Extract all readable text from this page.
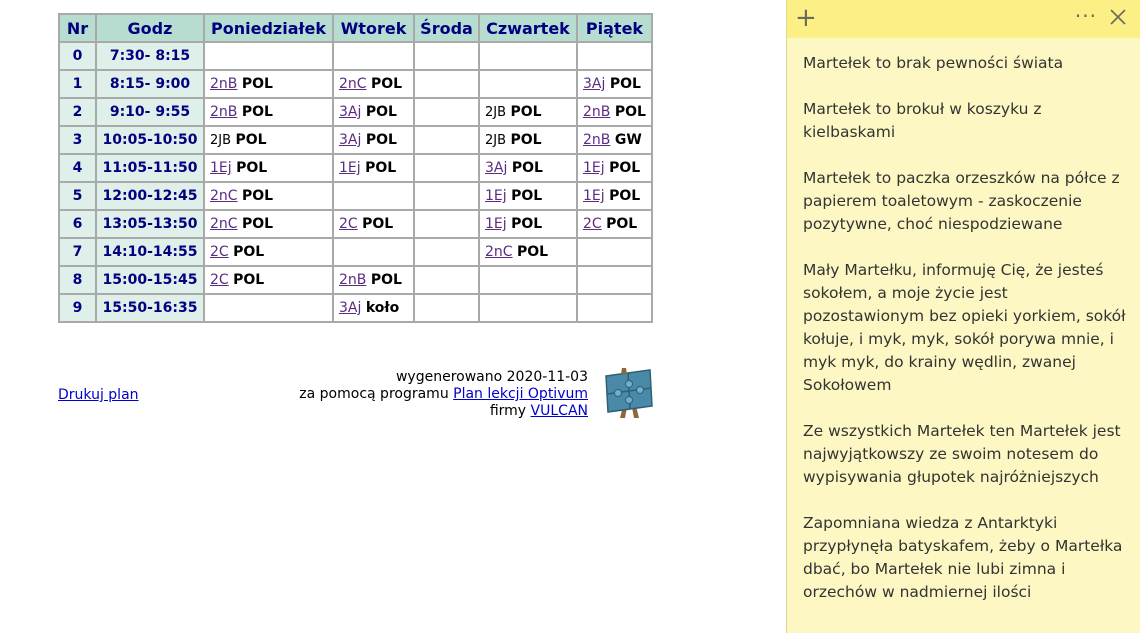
Nr	Godz	Poniedziałek	Wtorek	Środa	Czwartek	Piątek
0	7:30- 8:15					
1	8:15- 9:00	2nB POL	2nC POL			3Aj POL
2	9:10- 9:55	2nB POL	3Aj POL		2JB POL	2nB POL
3	10:05-10:50	2JB POL	3Aj POL		2JB POL	2nB GW
4	11:05-11:50	1Ej POL	1Ej POL		3Aj POL	1Ej POL
5	12:00-12:45	2nC POL			1Ej POL	1Ej POL
6	13:05-13:50	2nC POL	2C POL		1Ej POL	2C POL
7	14:10-14:55	2C POL			2nC POL	
8	15:00-15:45	2C POL	2nB POL			
9	15:50-16:35		3Aj koło			
Drukuj plan
wygenerowano 2020-11-03
za pomocą programu Plan lekcji Optivum
firmy VULCAN
+	···

Martełek to brak pewności świata

Martełek to brokuł w koszyku z kielbaskami

Martełek to paczka orzeszków na półce z papierem toaletowym - zaskoczenie pozytywne, choć niespodziewane

Mały Martełku, informuję Cię, że jesteś sokołem, a moje życie jest pozostawionym bez opieki yorkiem, sokół kołuje, i myk, myk, sokół porywa mnie, i myk myk, do krainy wędlin, zwanej Sokołowem

Ze wszystkich Martełek ten Martełek jest najwyjątkowszy ze swoim notesem do wypisywania głupotek najróżniejszych

Zapomniana wiedza z Antarktyki przypłynęła batyskafem, żeby o Martełka dbać, bo Martełek nie lubi zimna i orzechów w nadmiernej ilości
